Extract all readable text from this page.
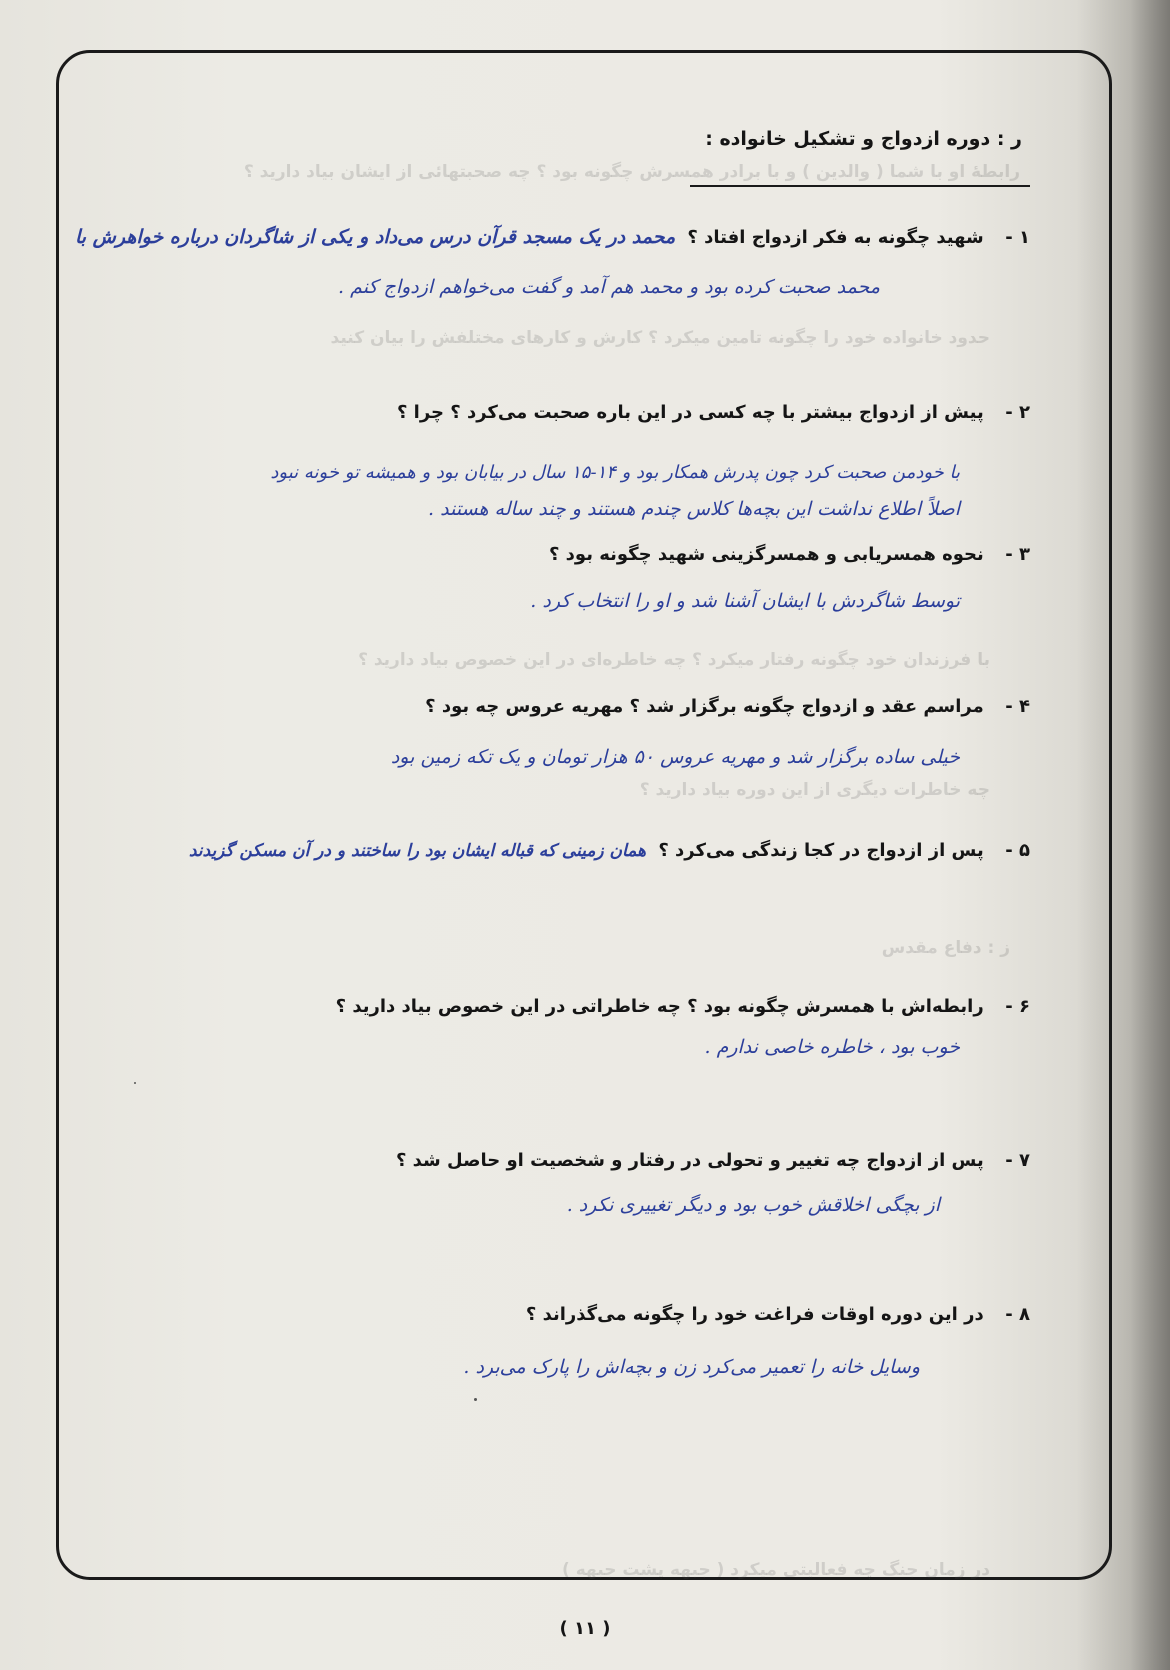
ر : دوره ازدواج و تشکیل خانواده :
رابطهٔ او با شما ( والدین ) و با برادر همسرش چگونه بود ؟ چه صحبتهائی از ایشان بیاد دارید ؟
حدود خانواده خود را چگونه تامین میکرد ؟ کارش و کارهای مختلفش را بیان کنید
با فرزندان خود چگونه رفتار میکرد ؟ چه خاطره‌ای در این خصوص بیاد دارید ؟
چه خاطرات دیگری از این دوره بیاد دارید ؟
ز : دفاع مقدس
در زمان جنگ چه فعالیتی میکرد ( جبهه پشت جبهه )
۱ - شهید چگونه به فکر ازدواج افتاد ؟ محمد در یک مسجد قرآن درس می‌داد و یکی از شاگردان درباره خواهرش با
محمد صحبت کرده بود و محمد هم آمد و گفت می‌خواهم ازدواج کنم .
۲ - پیش از ازدواج بیشتر با چه کسی در این باره صحبت می‌کرد ؟ چرا ؟
با خودمن صحبت کرد چون پدرش همکار بود و ۱۴-۱۵ سال در بیابان بود و همیشه تو خونه نبود
اصلاً اطلاع نداشت این بچه‌ها کلاس چندم هستند و چند ساله هستند .
۳ - نحوه همسریابی و همسرگزینی شهید چگونه بود ؟
توسط شاگردش با ایشان آشنا شد و او را انتخاب کرد .
۴ - مراسم عقد و ازدواج چگونه برگزار شد ؟ مهریه عروس چه بود ؟
خیلی ساده برگزار شد و مهریه عروس ۵۰ هزار تومان و یک تکه زمین بود
۵ - پس از ازدواج در کجا زندگی می‌کرد ؟ همان زمینی که قباله ایشان بود را ساختند و در آن مسکن گزیدند
۶ - رابطه‌اش با همسرش چگونه بود ؟ چه خاطراتی در این خصوص بیاد دارید ؟
خوب بود ، خاطره خاصی ندارم .
۷ - پس از ازدواج چه تغییر و تحولی در رفتار و شخصیت او حاصل شد ؟
از بچگی اخلاقش خوب بود و دیگر تغییری نکرد .
۸ - در این دوره اوقات فراغت خود را چگونه می‌گذراند ؟
وسایل خانه را تعمیر می‌کرد زن و بچه‌اش را پارک می‌برد .
( ۱۱ )
